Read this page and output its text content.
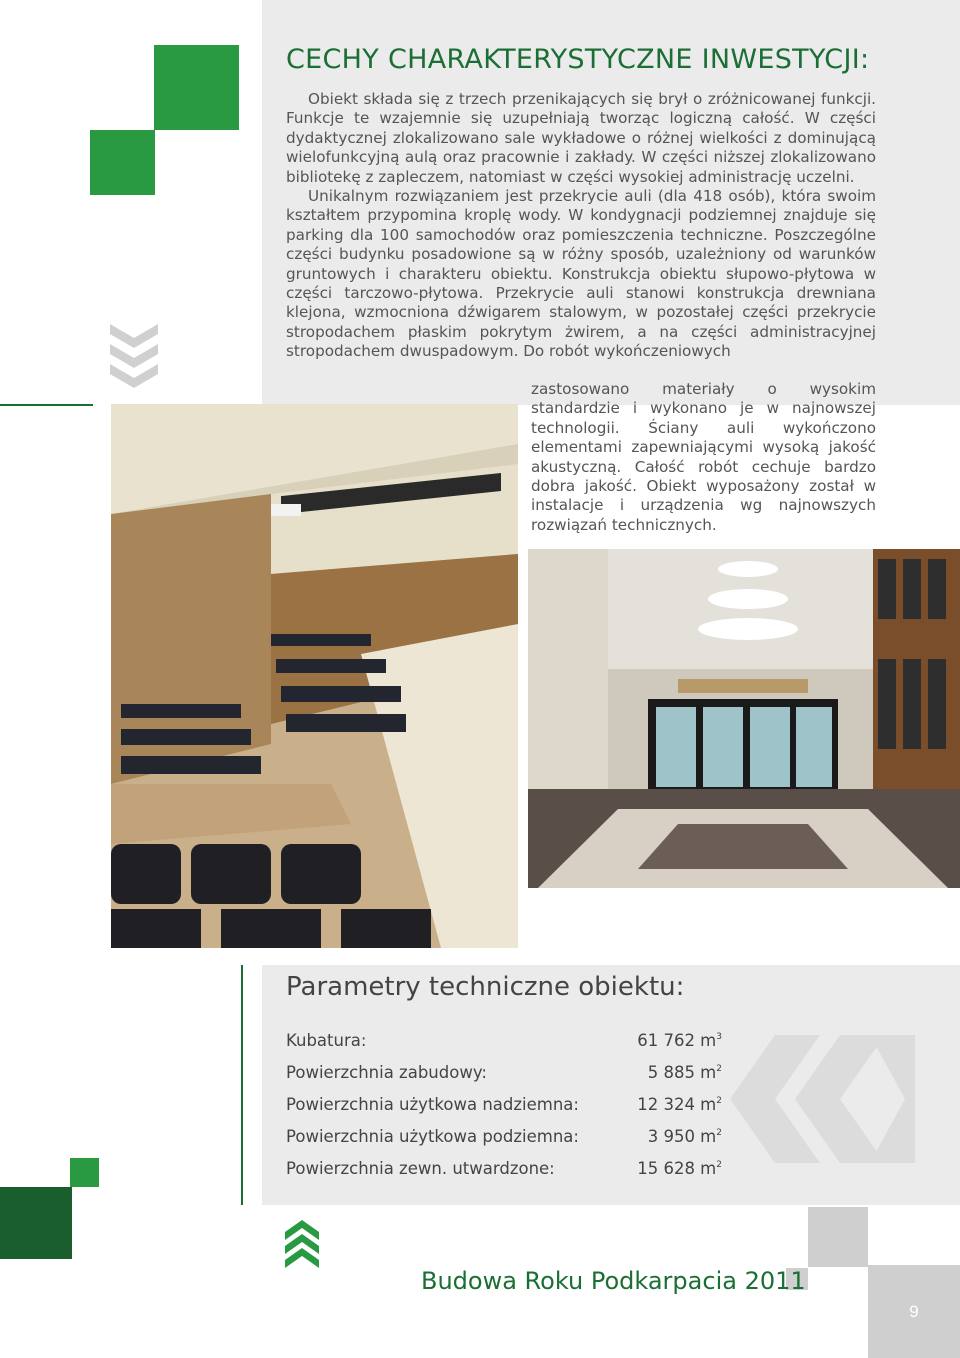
CECHY CHARAKTERYSTYCZNE INWESTYCJI:

Obiekt składa się z trzech przenikających się brył o zróżnicowanej funkcji. Funkcje te wzajemnie się uzupełniają tworząc logiczną całość. W części dydaktycznej zlokalizowano sale wykładowe o różnej wielkości z dominującą wielofunkcyjną aulą oraz pracownie i zakłady. W części niższej zlokalizowano bibliotekę z zapleczem, natomiast w części wysokiej administrację uczelni.

Unikalnym rozwiązaniem jest przekrycie auli (dla 418 osób), która swoim kształtem przypomina kroplę wody. W kondygnacji podziemnej znajduje się parking dla 100 samochodów oraz pomieszczenia techniczne. Poszczególne części budynku posadowione są w różny sposób, uzależniony od warunków gruntowych i charakteru obiektu. Konstrukcja obiektu słupowo-płytowa w części tarczowo-płytowa. Przekrycie auli stanowi konstrukcja drewniana klejona, wzmocniona dźwigarem stalowym, w pozostałej części przekrycie stropodachem płaskim pokrytym żwirem, a na części administracyjnej stropodachem dwuspadowym. Do robót wykończeniowych

zastosowano materiały o wysokim standardzie i wykonano je w najnowszej technologii. Ściany auli wykończono elementami zapewniającymi wysoką jakość akustyczną. Całość robót cechuje bardzo dobra jakość. Obiekt wyposażony został w instalacje i urządzenia wg najnowszych rozwiązań technicznych.
Parametry techniczne obiektu:
Kubatura:	61 762 $m^3$
Powierzchnia zabudowy:	5 885 $m^2$
Powierzchnia użytkowa nadziemna:	12 324 $m^2$
Powierzchnia użytkowa podziemna:	3 950 $m^2$
Powierzchnia zewn. utwardzone:	15 628 $m^2$
Budowa Roku Podkarpacia 2011
9
